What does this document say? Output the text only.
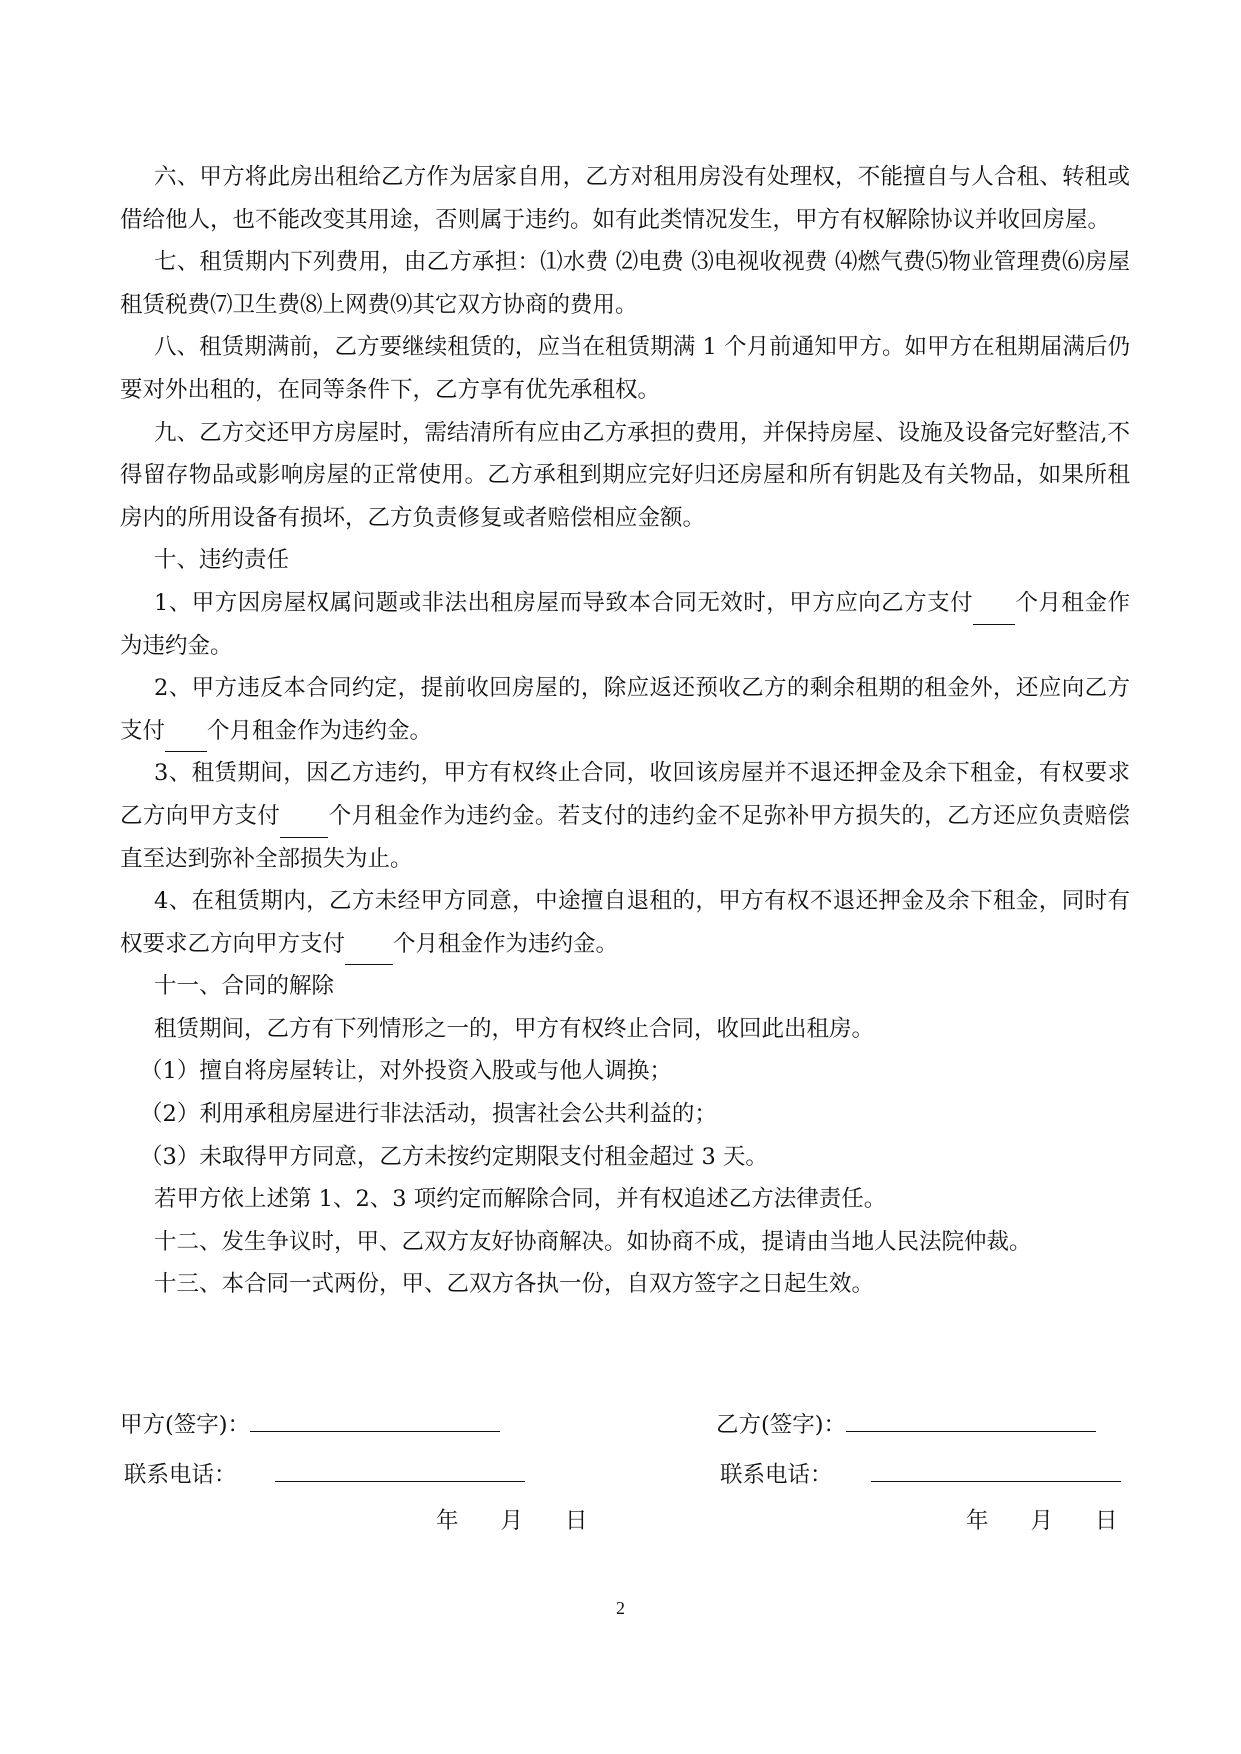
六、甲方将此房出租给乙方作为居家自用，乙方对租用房没有处理权，不能擅自与人合租、转租或借给他人，也不能改变其用途，否则属于违约。如有此类情况发生，甲方有权解除协议并收回房屋。

七、租赁期内下列费用，由乙方承担：⑴水费 ⑵电费 ⑶电视收视费 ⑷燃气费⑸物业管理费⑹房屋租赁税费⑺卫生费⑻上网费⑼其它双方协商的费用。

八、租赁期满前，乙方要继续租赁的，应当在租赁期满 1 个月前通知甲方。如甲方在租期届满后仍要对外出租的，在同等条件下，乙方享有优先承租权。

九、乙方交还甲方房屋时，需结清所有应由乙方承担的费用，并保持房屋、设施及设备完好整洁,不得留存物品或影响房屋的正常使用。乙方承租到期应完好归还房屋和所有钥匙及有关物品，如果所租房内的所用设备有损坏，乙方负责修复或者赔偿相应金额。

十、违约责任

1、甲方因房屋权属问题或非法出租房屋而导致本合同无效时，甲方应向乙方支付 个月租金作为违约金。

2、甲方违反本合同约定，提前收回房屋的，除应返还预收乙方的剩余租期的租金外，还应向乙方支付 个月租金作为违约金。

3、租赁期间，因乙方违约，甲方有权终止合同，收回该房屋并不退还押金及余下租金，有权要求乙方向甲方支付 个月租金作为违约金。若支付的违约金不足弥补甲方损失的，乙方还应负责赔偿直至达到弥补全部损失为止。

4、在租赁期内，乙方未经甲方同意，中途擅自退租的，甲方有权不退还押金及余下租金，同时有权要求乙方向甲方支付 个月租金作为违约金。

十一、合同的解除

租赁期间，乙方有下列情形之一的，甲方有权终止合同，收回此出租房。

（1）擅自将房屋转让，对外投资入股或与他人调换；

（2）利用承租房屋进行非法活动，损害社会公共利益的；

（3）未取得甲方同意，乙方未按约定期限支付租金超过 3 天。

若甲方依上述第 1、2、3 项约定而解除合同，并有权追述乙方法律责任。

十二、发生争议时，甲、乙双方友好协商解决。如协商不成，提请由当地人民法院仲裁。

十三、本合同一式两份，甲、乙双方各执一份，自双方签字之日起生效。

甲方(签字)：
联系电话：
乙方(签字)：
联系电话：
年 月 日	年 月 日
2
